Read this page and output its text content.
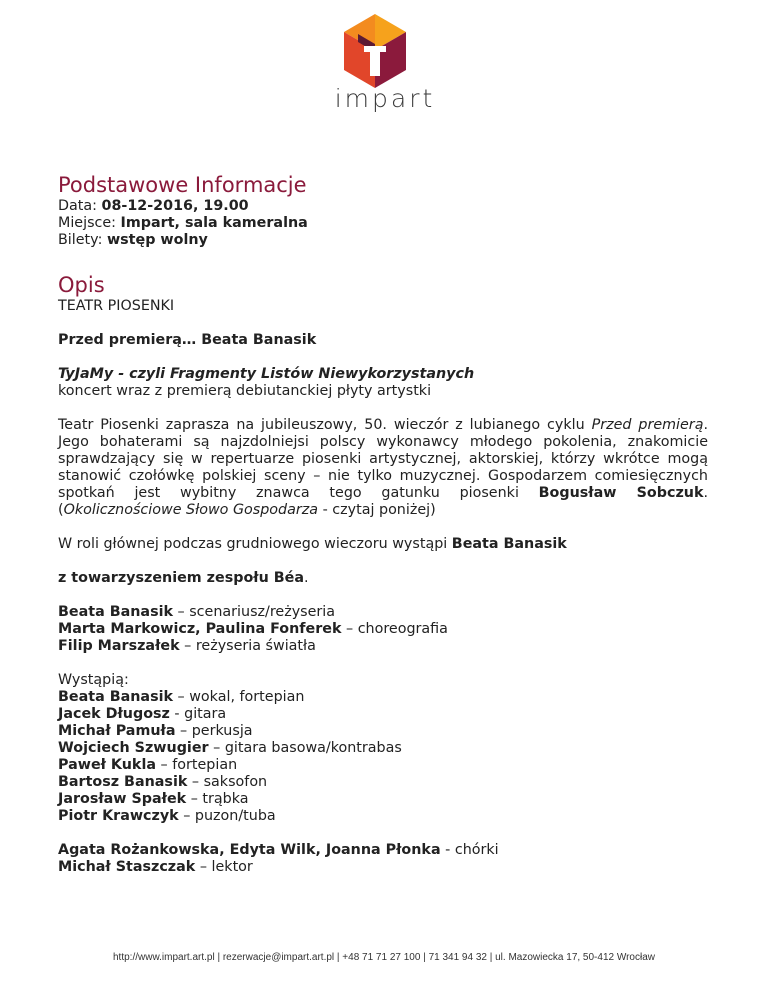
impart
Podstawowe Informacje
Data: 08-12-2016, 19.00
Miejsce: Impart, sala kameralna
Bilety: wstęp wolny
Opis

TEATR PIOSENKI

Przed premierą… Beata Banasik

TyJaMy - czyli Fragmenty Listów Niewykorzystanych

koncert wraz z premierą debiutanckiej płyty artystki

Teatr Piosenki zaprasza na jubileuszowy, 50. wieczór z lubianego cyklu Przed premierą. Jego bohaterami są najzdolniejsi polscy wykonawcy młodego pokolenia, znakomicie sprawdzający się w repertuarze piosenki artystycznej, aktorskiej, którzy wkrótce mogą stanowić czołówkę polskiej sceny – nie tylko muzycznej. Gospodarzem comiesięcznych spotkań jest wybitny znawca tego gatunku piosenki Bogusław Sobczuk. (Okolicznościowe Słowo Gospodarza - czytaj poniżej)

W roli głównej podczas grudniowego wieczoru wystąpi Beata Banasik

z towarzyszeniem zespołu Béa.

Beata Banasik – scenariusz/reżyseria
Marta Markowicz, Paulina Fonferek – choreografia
Filip Marszałek – reżyseria światła
Wystąpią:
Beata Banasik – wokal, fortepian
Jacek Długosz - gitara
Michał Pamuła – perkusja
Wojciech Szwugier – gitara basowa/kontrabas
Paweł Kukla – fortepian
Bartosz Banasik – saksofon
Jarosław Spałek – trąbka
Piotr Krawczyk – puzon/tuba
Agata Rożankowska, Edyta Wilk, Joanna Płonka - chórki
Michał Staszczak – lektor
http://www.impart.art.pl | rezerwacje@impart.art.pl | +48 71 71 27 100 | 71 341 94 32 | ul. Mazowiecka 17, 50-412 Wrocław
